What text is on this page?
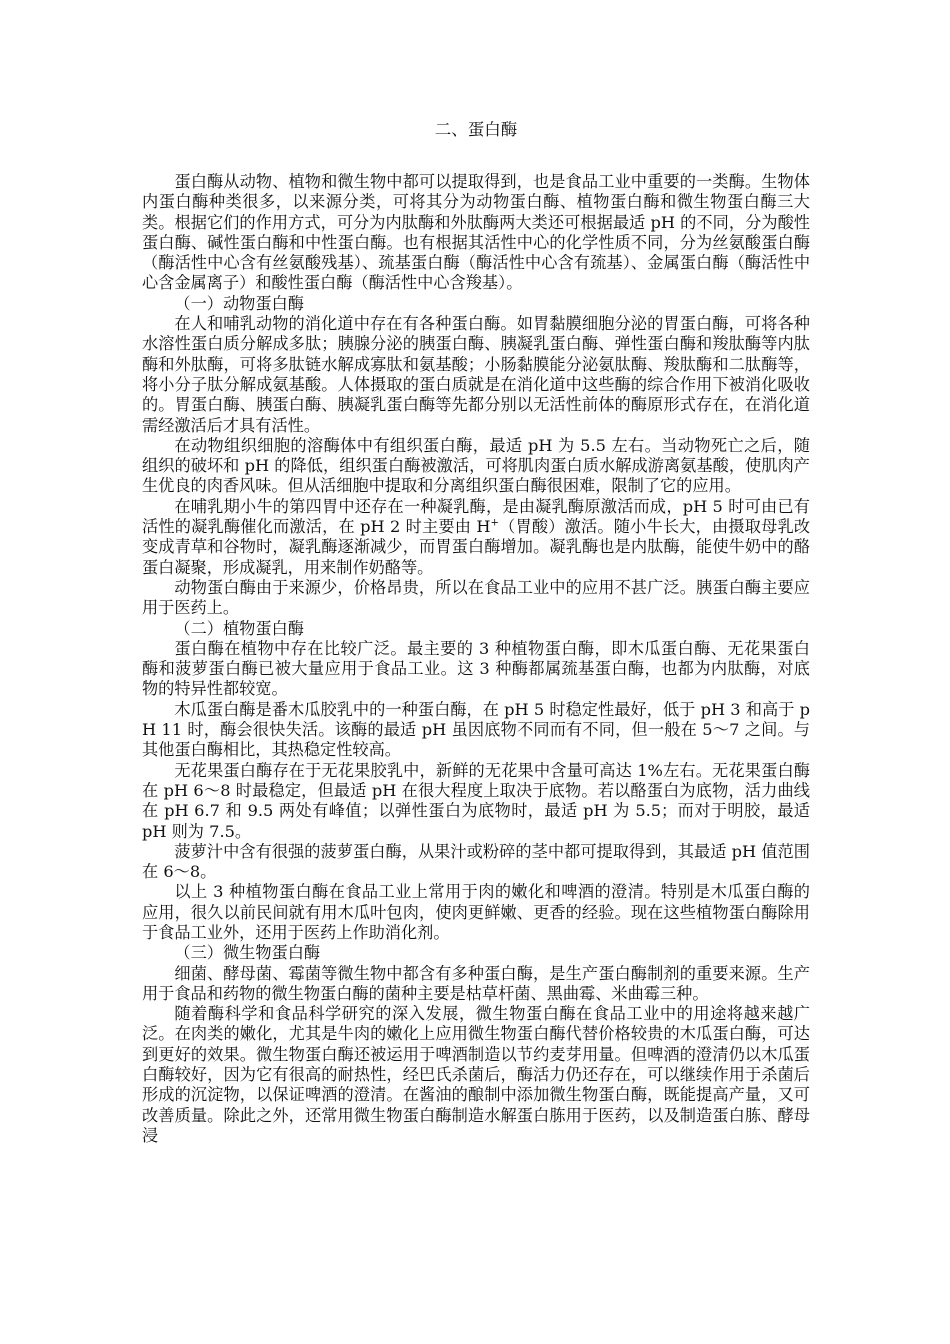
二、蛋白酶

蛋白酶从动物、植物和微生物中都可以提取得到，也是食品工业中重要的一类酶。生物体内蛋白酶种类很多，以来源分类，可将其分为动物蛋白酶、植物蛋白酶和微生物蛋白酶三大类。根据它们的作用方式，可分为内肽酶和外肽酶两大类还可根据最适 pH 的不同，分为酸性蛋白酶、碱性蛋白酶和中性蛋白酶。也有根据其活性中心的化学性质不同，分为丝氨酸蛋白酶（酶活性中心含有丝氨酸残基）、巯基蛋白酶（酶活性中心含有巯基）、金属蛋白酶（酶活性中心含金属离子）和酸性蛋白酶（酶活性中心含羧基）。

（一）动物蛋白酶

在人和哺乳动物的消化道中存在有各种蛋白酶。如胃黏膜细胞分泌的胃蛋白酶，可将各种水溶性蛋白质分解成多肽；胰腺分泌的胰蛋白酶、胰凝乳蛋白酶、弹性蛋白酶和羧肽酶等内肽酶和外肽酶，可将多肽链水解成寡肽和氨基酸；小肠黏膜能分泌氨肽酶、羧肽酶和二肽酶等，将小分子肽分解成氨基酸。人体摄取的蛋白质就是在消化道中这些酶的综合作用下被消化吸收的。胃蛋白酶、胰蛋白酶、胰凝乳蛋白酶等先都分别以无活性前体的酶原形式存在，在消化道需经激活后才具有活性。

在动物组织细胞的溶酶体中有组织蛋白酶，最适 pH 为 5.5 左右。当动物死亡之后，随组织的破坏和 pH 的降低，组织蛋白酶被激活，可将肌肉蛋白质水解成游离氨基酸，使肌肉产生优良的肉香风味。但从活细胞中提取和分离组织蛋白酶很困难，限制了它的应用。

在哺乳期小牛的第四胃中还存在一种凝乳酶，是由凝乳酶原激活而成，pH 5 时可由已有活性的凝乳酶催化而激活，在 pH 2 时主要由 H+（胃酸）激活。随小牛长大，由摄取母乳改变成青草和谷物时，凝乳酶逐渐减少，而胃蛋白酶增加。凝乳酶也是内肽酶，能使牛奶中的酪蛋白凝聚，形成凝乳，用来制作奶酪等。

动物蛋白酶由于来源少，价格昂贵，所以在食品工业中的应用不甚广泛。胰蛋白酶主要应用于医药上。

（二）植物蛋白酶

蛋白酶在植物中存在比较广泛。最主要的 3 种植物蛋白酶，即木瓜蛋白酶、无花果蛋白酶和菠萝蛋白酶已被大量应用于食品工业。这 3 种酶都属巯基蛋白酶，也都为内肽酶，对底物的特异性都较宽。

木瓜蛋白酶是番木瓜胶乳中的一种蛋白酶，在 pH 5 时稳定性最好，低于 pH 3 和高于 pH 11 时，酶会很快失活。该酶的最适 pH 虽因底物不同而有不同，但一般在 5～7 之间。与其他蛋白酶相比，其热稳定性较高。

无花果蛋白酶存在于无花果胶乳中，新鲜的无花果中含量可高达 1%左右。无花果蛋白酶在 pH 6～8 时最稳定，但最适 pH 在很大程度上取决于底物。若以酪蛋白为底物，活力曲线在 pH 6.7 和 9.5 两处有峰值；以弹性蛋白为底物时，最适 pH 为 5.5；而对于明胶，最适 pH 则为 7.5。

菠萝汁中含有很强的菠萝蛋白酶，从果汁或粉碎的茎中都可提取得到，其最适 pH 值范围在 6～8。

以上 3 种植物蛋白酶在食品工业上常用于肉的嫩化和啤酒的澄清。特别是木瓜蛋白酶的应用，很久以前民间就有用木瓜叶包肉，使肉更鲜嫩、更香的经验。现在这些植物蛋白酶除用于食品工业外，还用于医药上作助消化剂。

（三）微生物蛋白酶

细菌、酵母菌、霉菌等微生物中都含有多种蛋白酶，是生产蛋白酶制剂的重要来源。生产用于食品和药物的微生物蛋白酶的菌种主要是枯草杆菌、黑曲霉、米曲霉三种。

随着酶科学和食品科学研究的深入发展，微生物蛋白酶在食品工业中的用途将越来越广泛。在肉类的嫩化，尤其是牛肉的嫩化上应用微生物蛋白酶代替价格较贵的木瓜蛋白酶，可达到更好的效果。微生物蛋白酶还被运用于啤酒制造以节约麦芽用量。但啤酒的澄清仍以木瓜蛋白酶较好，因为它有很高的耐热性，经巴氏杀菌后，酶活力仍还存在，可以继续作用于杀菌后形成的沉淀物，以保证啤酒的澄清。在酱油的酿制中添加微生物蛋白酶，既能提高产量，又可改善质量。除此之外，还常用微生物蛋白酶制造水解蛋白胨用于医药，以及制造蛋白胨、酵母浸
